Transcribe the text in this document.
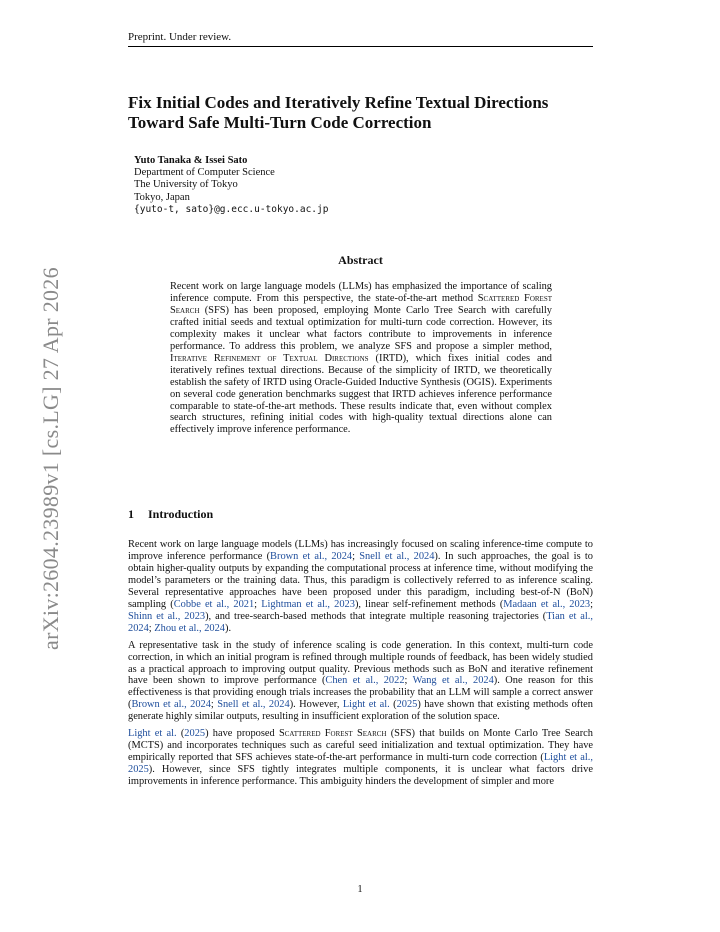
Preprint. Under review.
arXiv:2604.23989v1 [cs.LG] 27 Apr 2026
Fix Initial Codes and Iteratively Refine Textual Directions Toward Safe Multi-Turn Code Correction
Yuto Tanaka & Issei Sato
Department of Computer Science
The University of Tokyo
Tokyo, Japan
{yuto-t, sato}@g.ecc.u-tokyo.ac.jp
Abstract

Recent work on large language models (LLMs) has emphasized the importance of scaling inference compute. From this perspective, the state-of-the-art method Scattered Forest Search (SFS) has been proposed, employing Monte Carlo Tree Search with carefully crafted initial seeds and textual optimization for multi-turn code correction. However, its complexity makes it unclear what factors contribute to improvements in inference performance. To address this problem, we analyze SFS and propose a simpler method, Iterative Refinement of Textual Directions (IRTD), which fixes initial codes and iteratively refines textual directions. Because of the simplicity of IRTD, we theoretically establish the safety of IRTD using Oracle-Guided Inductive Synthesis (OGIS). Experiments on several code generation benchmarks suggest that IRTD achieves inference performance comparable to state-of-the-art methods. These results indicate that, even without complex search structures, refining initial codes with high-quality textual directions alone can effectively improve inference performance.

1 Introduction

Recent work on large language models (LLMs) has increasingly focused on scaling inference-time compute to improve inference performance (Brown et al., 2024; Snell et al., 2024). In such approaches, the goal is to obtain higher-quality outputs by expanding the computational process at inference time, without modifying the model’s parameters or the training data. Thus, this paradigm is collectively referred to as inference scaling. Several representative approaches have been proposed under this paradigm, including best-of-N (BoN) sampling (Cobbe et al., 2021; Lightman et al., 2023), linear self-refinement methods (Madaan et al., 2023; Shinn et al., 2023), and tree-search-based methods that integrate multiple reasoning trajectories (Tian et al., 2024; Zhou et al., 2024).

A representative task in the study of inference scaling is code generation. In this context, multi-turn code correction, in which an initial program is refined through multiple rounds of feedback, has been widely studied as a practical approach to improving output quality. Previous methods such as BoN and iterative refinement have been shown to improve performance (Chen et al., 2022; Wang et al., 2024). One reason for this effectiveness is that providing enough trials increases the probability that an LLM will sample a correct answer (Brown et al., 2024; Snell et al., 2024). However, Light et al. (2025) have shown that existing methods often generate highly similar outputs, resulting in insufficient exploration of the solution space.

Light et al. (2025) have proposed Scattered Forest Search (SFS) that builds on Monte Carlo Tree Search (MCTS) and incorporates techniques such as careful seed initialization and textual optimization. They have empirically reported that SFS achieves state-of-the-art performance in multi-turn code correction (Light et al., 2025). However, since SFS tightly integrates multiple components, it is unclear what factors drive improvements in inference performance. This ambiguity hinders the development of simpler and more

1
